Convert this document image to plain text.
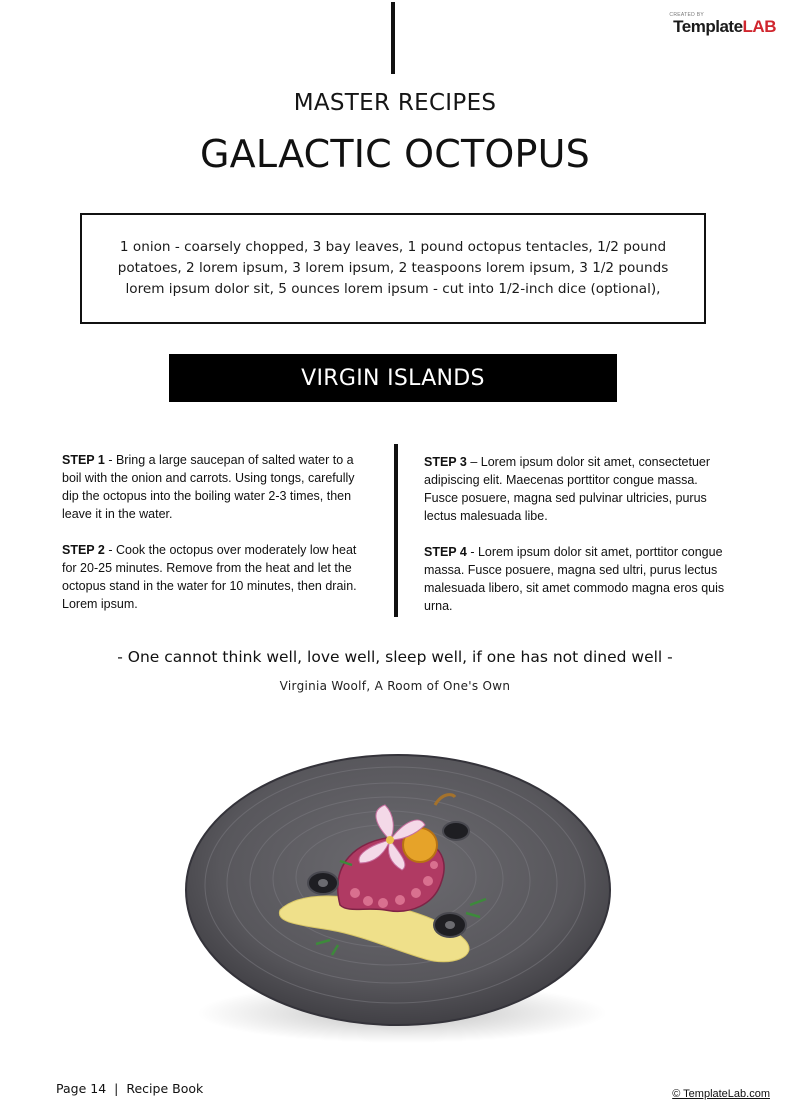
CREATED BY
TemplateLAB
MASTER RECIPES
GALACTIC OCTOPUS

1 onion - coarsely chopped, 3 bay leaves, 1 pound octopus tentacles, 1/2 pound potatoes, 2 lorem ipsum, 3 lorem ipsum, 2 teaspoons lorem ipsum, 3 1/2 pounds lorem ipsum dolor sit, 5 ounces lorem ipsum - cut into 1/2-inch dice (optional),

VIRGIN ISLANDS

STEP 1 - Bring a large saucepan of salted water to a boil with the onion and carrots. Using tongs, carefully dip the octopus into the boiling water 2-3 times, then leave it in the water.

STEP 2 - Cook the octopus over moderately low heat for 20-25 minutes. Remove from the heat and let the octopus stand in the water for 10 minutes, then drain. Lorem ipsum.

STEP 3 – Lorem ipsum dolor sit amet, consectetuer adipiscing elit. Maecenas porttitor congue massa. Fusce posuere, magna sed pulvinar ultricies, purus lectus malesuada libe.

STEP 4 - Lorem ipsum dolor sit amet, porttitor congue massa. Fusce posuere, magna sed ultri, purus lectus malesuada libero, sit amet commodo magna eros quis urna.

- One cannot think well, love well, sleep well, if one has not dined well -
Virginia Woolf, A Room of One's Own
Page 14 | Recipe Book	© TemplateLab.com
